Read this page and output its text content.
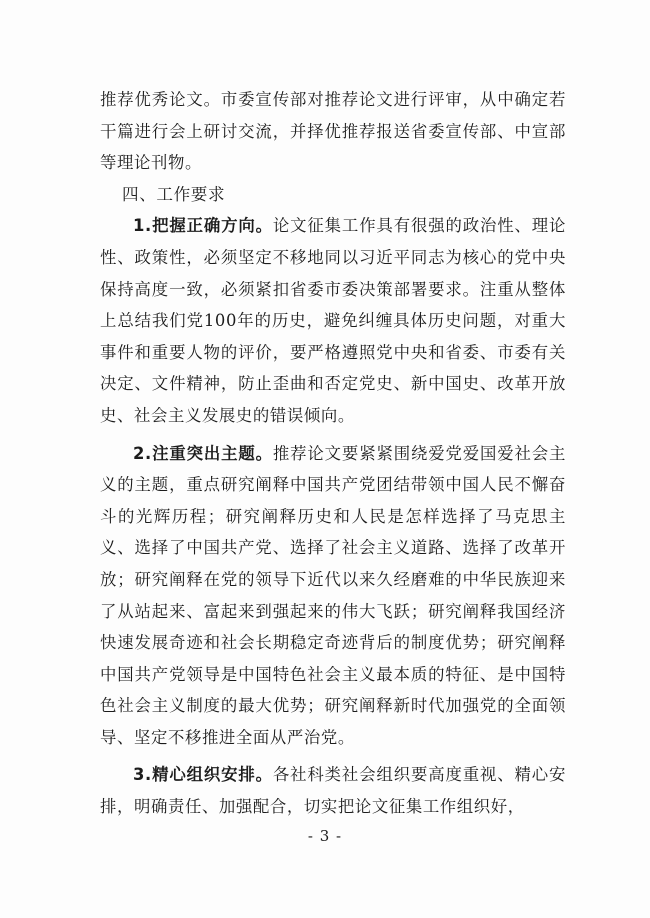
推荐优秀论文。市委宣传部对推荐论文进行评审，从中确定若干篇进行会上研讨交流，并择优推荐报送省委宣传部、中宣部等理论刊物。

四、工作要求

1.把握正确方向。论文征集工作具有很强的政治性、理论性、政策性，必须坚定不移地同以习近平同志为核心的党中央保持高度一致，必须紧扣省委市委决策部署要求。注重从整体上总结我们党100年的历史，避免纠缠具体历史问题，对重大事件和重要人物的评价，要严格遵照党中央和省委、市委有关决定、文件精神，防止歪曲和否定党史、新中国史、改革开放史、社会主义发展史的错误倾向。

2.注重突出主题。推荐论文要紧紧围绕爱党爱国爱社会主义的主题，重点研究阐释中国共产党团结带领中国人民不懈奋斗的光辉历程；研究阐释历史和人民是怎样选择了马克思主义、选择了中国共产党、选择了社会主义道路、选择了改革开放；研究阐释在党的领导下近代以来久经磨难的中华民族迎来了从站起来、富起来到强起来的伟大飞跃；研究阐释我国经济快速发展奇迹和社会长期稳定奇迹背后的制度优势；研究阐释中国共产党领导是中国特色社会主义最本质的特征、是中国特色社会主义制度的最大优势；研究阐释新时代加强党的全面领导、坚定不移推进全面从严治党。

3.精心组织安排。各社科类社会组织要高度重视、精心安排，明确责任、加强配合，切实把论文征集工作组织好，

- 3 -
